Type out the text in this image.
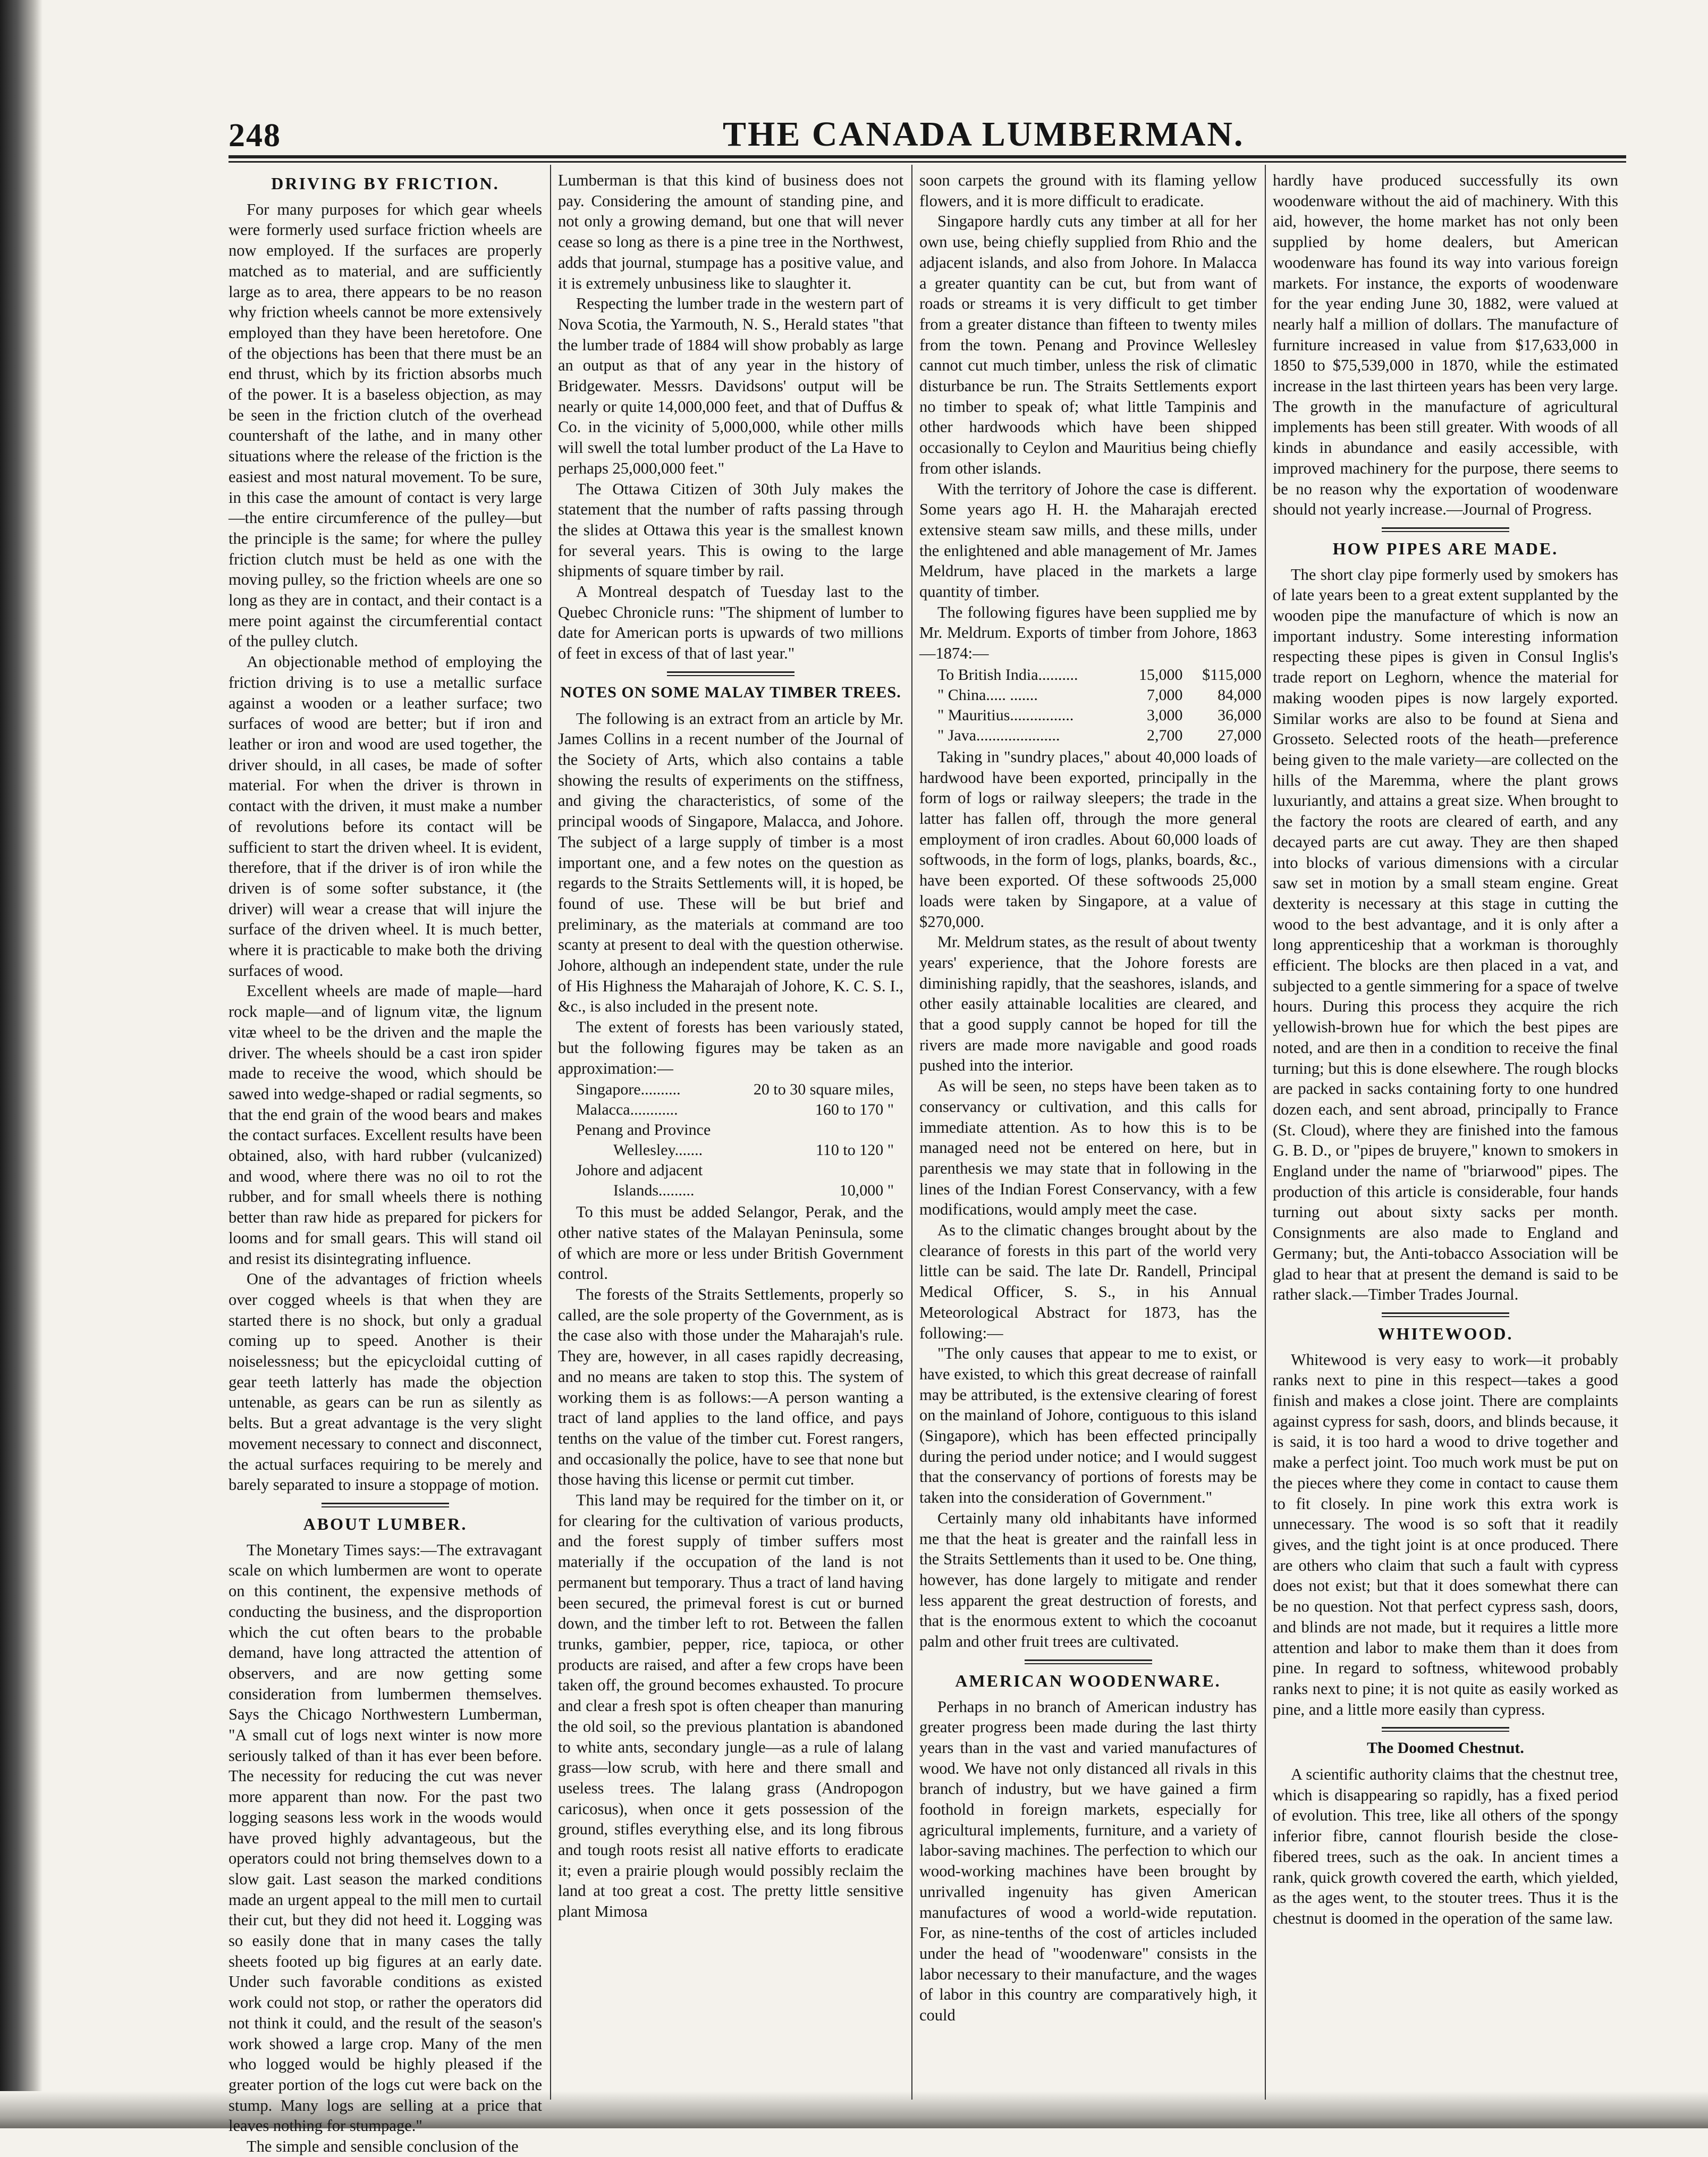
248	THE CANADA LUMBERMAN.
DRIVING BY FRICTION.

For many purposes for which gear wheels were formerly used surface friction wheels are now employed. If the surfaces are properly matched as to material, and are sufficiently large as to area, there appears to be no reason why friction wheels cannot be more extensively employed than they have been heretofore. One of the objections has been that there must be an end thrust, which by its friction absorbs much of the power. It is a baseless objection, as may be seen in the friction clutch of the overhead countershaft of the lathe, and in many other situations where the release of the friction is the easiest and most natural movement. To be sure, in this case the amount of contact is very large—the entire circumference of the pulley—but the principle is the same; for where the pulley friction clutch must be held as one with the moving pulley, so the friction wheels are one so long as they are in contact, and their contact is a mere point against the circumferential contact of the pulley clutch.

An objectionable method of employing the friction driving is to use a metallic surface against a wooden or a leather surface; two surfaces of wood are better; but if iron and leather or iron and wood are used together, the driver should, in all cases, be made of softer material. For when the driver is thrown in contact with the driven, it must make a number of revolutions before its contact will be sufficient to start the driven wheel. It is evident, therefore, that if the driver is of iron while the driven is of some softer substance, it (the driver) will wear a crease that will injure the surface of the driven wheel. It is much better, where it is practicable to make both the driving surfaces of wood.

Excellent wheels are made of maple—hard rock maple—and of lignum vitæ, the lignum vitæ wheel to be the driven and the maple the driver. The wheels should be a cast iron spider made to receive the wood, which should be sawed into wedge-shaped or radial segments, so that the end grain of the wood bears and makes the contact surfaces. Excellent results have been obtained, also, with hard rubber (vulcanized) and wood, where there was no oil to rot the rubber, and for small wheels there is nothing better than raw hide as prepared for pickers for looms and for small gears. This will stand oil and resist its disintegrating influence.

One of the advantages of friction wheels over cogged wheels is that when they are started there is no shock, but only a gradual coming up to speed. Another is their noiselessness; but the epicycloidal cutting of gear teeth latterly has made the objection untenable, as gears can be run as silently as belts. But a great advantage is the very slight movement necessary to connect and disconnect, the actual surfaces requiring to be merely and barely separated to insure a stoppage of motion.

ABOUT LUMBER.

The Monetary Times says:—The extravagant scale on which lumbermen are wont to operate on this continent, the expensive methods of conducting the business, and the disproportion which the cut often bears to the probable demand, have long attracted the attention of observers, and are now getting some consideration from lumbermen themselves. Says the Chicago Northwestern Lumberman, "A small cut of logs next winter is now more seriously talked of than it has ever been before. The necessity for reducing the cut was never more apparent than now. For the past two logging seasons less work in the woods would have proved highly advantageous, but the operators could not bring themselves down to a slow gait. Last season the marked conditions made an urgent appeal to the mill men to curtail their cut, but they did not heed it. Logging was so easily done that in many cases the tally sheets footed up big figures at an early date. Under such favorable conditions as existed work could not stop, or rather the operators did not think it could, and the result of the season's work showed a large crop. Many of the men who logged would be highly pleased if the greater portion of the logs cut were back on the stump. Many logs are selling at a price that leaves nothing for stumpage."

The simple and sensible conclusion of the

Lumberman is that this kind of business does not pay. Considering the amount of standing pine, and not only a growing demand, but one that will never cease so long as there is a pine tree in the Northwest, adds that journal, stumpage has a positive value, and it is extremely unbusiness like to slaughter it.

Respecting the lumber trade in the western part of Nova Scotia, the Yarmouth, N. S., Herald states "that the lumber trade of 1884 will show probably as large an output as that of any year in the history of Bridgewater. Messrs. Davidsons' output will be nearly or quite 14,000,000 feet, and that of Duffus & Co. in the vicinity of 5,000,000, while other mills will swell the total lumber product of the La Have to perhaps 25,000,000 feet."

The Ottawa Citizen of 30th July makes the statement that the number of rafts passing through the slides at Ottawa this year is the smallest known for several years. This is owing to the large shipments of square timber by rail.

A Montreal despatch of Tuesday last to the Quebec Chronicle runs: "The shipment of lumber to date for American ports is upwards of two millions of feet in excess of that of last year."

NOTES ON SOME MALAY TIMBER TREES.

The following is an extract from an article by Mr. James Collins in a recent number of the Journal of the Society of Arts, which also contains a table showing the results of experiments on the stiffness, and giving the characteristics, of some of the principal woods of Singapore, Malacca, and Johore. The subject of a large supply of timber is a most important one, and a few notes on the question as regards to the Straits Settlements will, it is hoped, be found of use. These will be but brief and preliminary, as the materials at command are too scanty at present to deal with the question otherwise. Johore, although an independent state, under the rule of His Highness the Maharajah of Johore, K. C. S. I., &c., is also included in the present note.

The extent of forests has been variously stated, but the following figures may be taken as an approximation:—

Singapore..........	20 to 30 square miles,
Malacca............	160 to 170 "
Penang and Province	
Wellesley.......	110 to 120 "
Johore and adjacent	
Islands.........	10,000 "

To this must be added Selangor, Perak, and the other native states of the Malayan Peninsula, some of which are more or less under British Government control.

The forests of the Straits Settlements, properly so called, are the sole property of the Government, as is the case also with those under the Maharajah's rule. They are, however, in all cases rapidly decreasing, and no means are taken to stop this. The system of working them is as follows:—A person wanting a tract of land applies to the land office, and pays tenths on the value of the timber cut. Forest rangers, and occasionally the police, have to see that none but those having this license or permit cut timber.

This land may be required for the timber on it, or for clearing for the cultivation of various products, and the forest supply of timber suffers most materially if the occupation of the land is not permanent but temporary. Thus a tract of land having been secured, the primeval forest is cut or burned down, and the timber left to rot. Between the fallen trunks, gambier, pepper, rice, tapioca, or other products are raised, and after a few crops have been taken off, the ground becomes exhausted. To procure and clear a fresh spot is often cheaper than manuring the old soil, so the previous plantation is abandoned to white ants, secondary jungle—as a rule of lalang grass—low scrub, with here and there small and useless trees. The lalang grass (Andropogon caricosus), when once it gets possession of the ground, stifles everything else, and its long fibrous and tough roots resist all native efforts to eradicate it; even a prairie plough would possibly reclaim the land at too great a cost. The pretty little sensitive plant Mimosa

soon carpets the ground with its flaming yellow flowers, and it is more difficult to eradicate.

Singapore hardly cuts any timber at all for her own use, being chiefly supplied from Rhio and the adjacent islands, and also from Johore. In Malacca a greater quantity can be cut, but from want of roads or streams it is very difficult to get timber from a greater distance than fifteen to twenty miles from the town. Penang and Province Wellesley cannot cut much timber, unless the risk of climatic disturbance be run. The Straits Settlements export no timber to speak of; what little Tampinis and other hardwoods which have been shipped occasionally to Ceylon and Mauritius being chiefly from other islands.

With the territory of Johore the case is different. Some years ago H. H. the Maharajah erected extensive steam saw mills, and these mills, under the enlightened and able management of Mr. James Meldrum, have placed in the markets a large quantity of timber.

The following figures have been supplied me by Mr. Meldrum. Exports of timber from Johore, 1863—1874:—

To British India..........	15,000	$115,000
" China..... .......	7,000	84,000
" Mauritius................	3,000	36,000
" Java.....................	2,700	27,000

Taking in "sundry places," about 40,000 loads of hardwood have been exported, principally in the form of logs or railway sleepers; the trade in the latter has fallen off, through the more general employment of iron cradles. About 60,000 loads of softwoods, in the form of logs, planks, boards, &c., have been exported. Of these softwoods 25,000 loads were taken by Singapore, at a value of $270,000.

Mr. Meldrum states, as the result of about twenty years' experience, that the Johore forests are diminishing rapidly, that the seashores, islands, and other easily attainable localities are cleared, and that a good supply cannot be hoped for till the rivers are made more navigable and good roads pushed into the interior.

As will be seen, no steps have been taken as to conservancy or cultivation, and this calls for immediate attention. As to how this is to be managed need not be entered on here, but in parenthesis we may state that in following in the lines of the Indian Forest Conservancy, with a few modifications, would amply meet the case.

As to the climatic changes brought about by the clearance of forests in this part of the world very little can be said. The late Dr. Randell, Principal Medical Officer, S. S., in his Annual Meteorological Abstract for 1873, has the following:—

"The only causes that appear to me to exist, or have existed, to which this great decrease of rainfall may be attributed, is the extensive clearing of forest on the mainland of Johore, contiguous to this island (Singapore), which has been effected principally during the period under notice; and I would suggest that the conservancy of portions of forests may be taken into the consideration of Government."

Certainly many old inhabitants have informed me that the heat is greater and the rainfall less in the Straits Settlements than it used to be. One thing, however, has done largely to mitigate and render less apparent the great destruction of forests, and that is the enormous extent to which the cocoanut palm and other fruit trees are cultivated.

AMERICAN WOODENWARE.

Perhaps in no branch of American industry has greater progress been made during the last thirty years than in the vast and varied manufactures of wood. We have not only distanced all rivals in this branch of industry, but we have gained a firm foothold in foreign markets, especially for agricultural implements, furniture, and a variety of labor-saving machines. The perfection to which our wood-working machines have been brought by unrivalled ingenuity has given American manufactures of wood a world-wide reputation. For, as nine-tenths of the cost of articles included under the head of "woodenware" consists in the labor necessary to their manufacture, and the wages of labor in this country are comparatively high, it could

hardly have produced successfully its own woodenware without the aid of machinery. With this aid, however, the home market has not only been supplied by home dealers, but American woodenware has found its way into various foreign markets. For instance, the exports of woodenware for the year ending June 30, 1882, were valued at nearly half a million of dollars. The manufacture of furniture increased in value from $17,633,000 in 1850 to $75,539,000 in 1870, while the estimated increase in the last thirteen years has been very large. The growth in the manufacture of agricultural implements has been still greater. With woods of all kinds in abundance and easily accessible, with improved machinery for the purpose, there seems to be no reason why the exportation of woodenware should not yearly increase.—Journal of Progress.

HOW PIPES ARE MADE.

The short clay pipe formerly used by smokers has of late years been to a great extent supplanted by the wooden pipe the manufacture of which is now an important industry. Some interesting information respecting these pipes is given in Consul Inglis's trade report on Leghorn, whence the material for making wooden pipes is now largely exported. Similar works are also to be found at Siena and Grosseto. Selected roots of the heath—preference being given to the male variety—are collected on the hills of the Maremma, where the plant grows luxuriantly, and attains a great size. When brought to the factory the roots are cleared of earth, and any decayed parts are cut away. They are then shaped into blocks of various dimensions with a circular saw set in motion by a small steam engine. Great dexterity is necessary at this stage in cutting the wood to the best advantage, and it is only after a long apprenticeship that a workman is thoroughly efficient. The blocks are then placed in a vat, and subjected to a gentle simmering for a space of twelve hours. During this process they acquire the rich yellowish-brown hue for which the best pipes are noted, and are then in a condition to receive the final turning; but this is done elsewhere. The rough blocks are packed in sacks containing forty to one hundred dozen each, and sent abroad, principally to France (St. Cloud), where they are finished into the famous G. B. D., or "pipes de bruyere," known to smokers in England under the name of "briarwood" pipes. The production of this article is considerable, four hands turning out about sixty sacks per month. Consignments are also made to England and Germany; but, the Anti-tobacco Association will be glad to hear that at present the demand is said to be rather slack.—Timber Trades Journal.

WHITEWOOD.

Whitewood is very easy to work—it probably ranks next to pine in this respect—takes a good finish and makes a close joint. There are complaints against cypress for sash, doors, and blinds because, it is said, it is too hard a wood to drive together and make a perfect joint. Too much work must be put on the pieces where they come in contact to cause them to fit closely. In pine work this extra work is unnecessary. The wood is so soft that it readily gives, and the tight joint is at once produced. There are others who claim that such a fault with cypress does not exist; but that it does somewhat there can be no question. Not that perfect cypress sash, doors, and blinds are not made, but it requires a little more attention and labor to make them than it does from pine. In regard to softness, whitewood probably ranks next to pine; it is not quite as easily worked as pine, and a little more easily than cypress.

The Doomed Chestnut.

A scientific authority claims that the chestnut tree, which is disappearing so rapidly, has a fixed period of evolution. This tree, like all others of the spongy inferior fibre, cannot flourish beside the close-fibered trees, such as the oak. In ancient times a rank, quick growth covered the earth, which yielded, as the ages went, to the stouter trees. Thus it is the chestnut is doomed in the operation of the same law.
